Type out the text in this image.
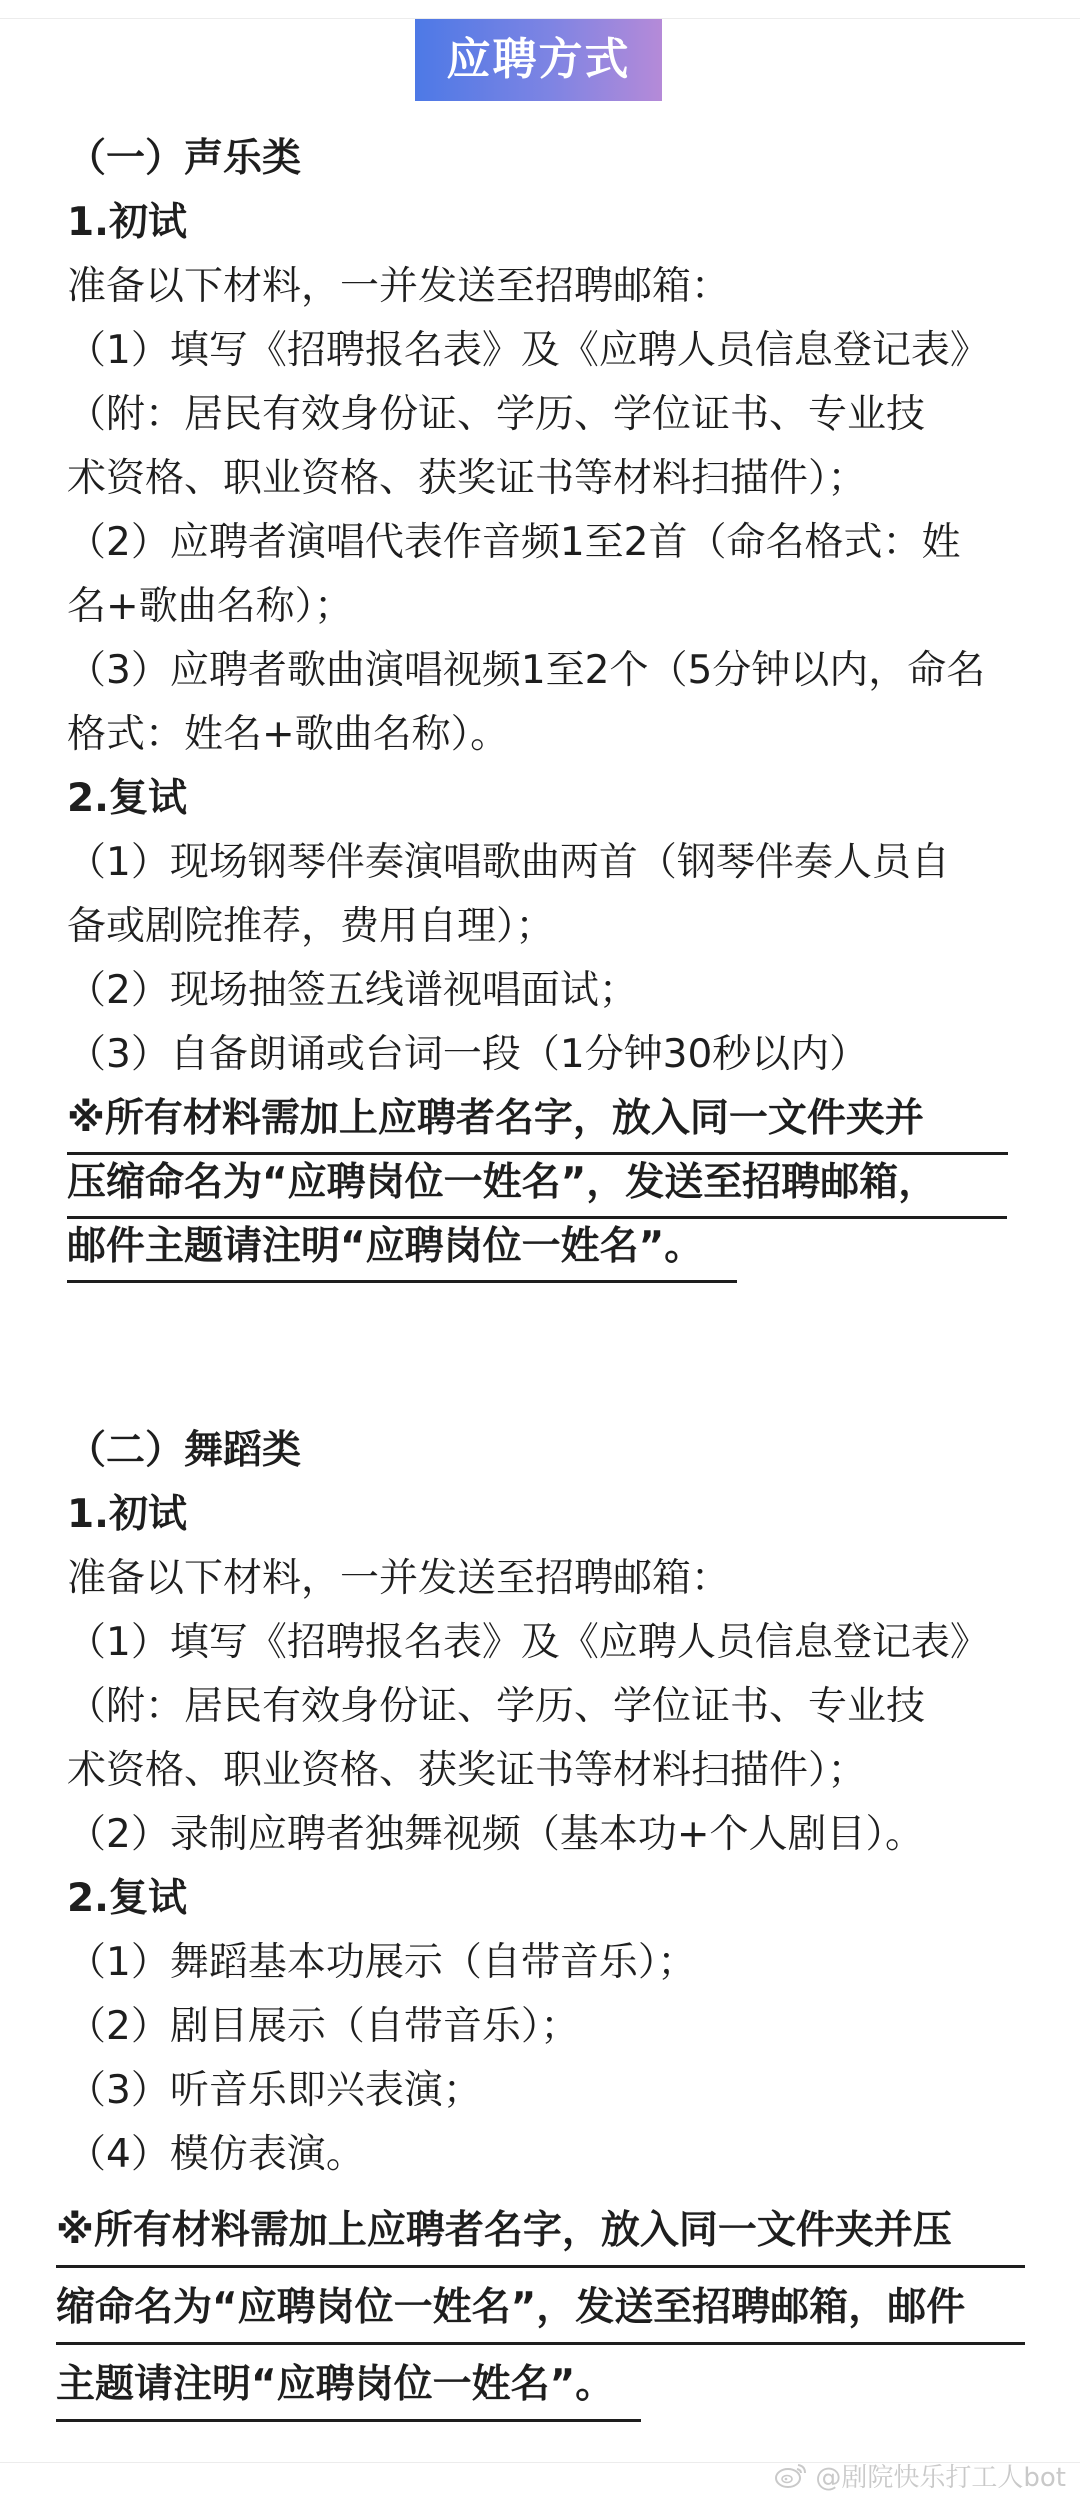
应聘方式
（一）声乐类
1.初试
准备以下材料，一并发送至招聘邮箱：
（1）填写《招聘报名表》及《应聘人员信息登记表》
（附：居民有效身份证、学历、学位证书、专业技
术资格、职业资格、获奖证书等材料扫描件）；
（2）应聘者演唱代表作音频1至2首（命名格式：姓
名+歌曲名称）；
（3）应聘者歌曲演唱视频1至2个（5分钟以内，命名
格式：姓名+歌曲名称）。
2.复试
（1）现场钢琴伴奏演唱歌曲两首（钢琴伴奏人员自
备或剧院推荐，费用自理）；
（2）现场抽签五线谱视唱面试；
（3）自备朗诵或台词一段（1分钟30秒以内）
※所有材料需加上应聘者名字，放入同一文件夹并
压缩命名为“应聘岗位一姓名”，发送至招聘邮箱，
邮件主题请注明“应聘岗位一姓名”。
（二）舞蹈类
1.初试
准备以下材料，一并发送至招聘邮箱：
（1）填写《招聘报名表》及《应聘人员信息登记表》
（附：居民有效身份证、学历、学位证书、专业技
术资格、职业资格、获奖证书等材料扫描件）；
（2）录制应聘者独舞视频（基本功+个人剧目）。
2.复试
（1）舞蹈基本功展示（自带音乐）；
（2）剧目展示（自带音乐）；
（3）听音乐即兴表演；
（4）模仿表演。
※所有材料需加上应聘者名字，放入同一文件夹并压
缩命名为“应聘岗位一姓名”，发送至招聘邮箱，邮件
主题请注明“应聘岗位一姓名”。
@剧院快乐打工人bot
